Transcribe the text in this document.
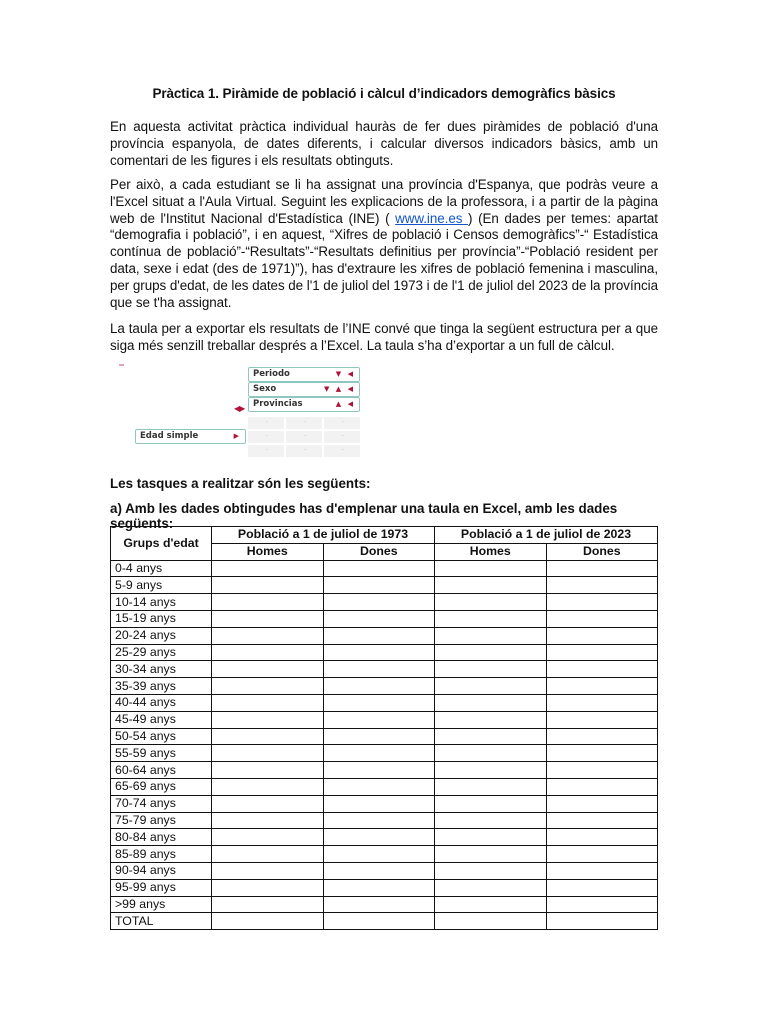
Pràctica 1. Piràmide de població i càlcul d’indicadors demogràfics bàsics

En aquesta activitat pràctica individual hauràs de fer dues piràmides de població d'una província espanyola, de dates diferents, i calcular diversos indicadors bàsics, amb un comentari de les figures i els resultats obtinguts.

Per això, a cada estudiant se li ha assignat una província d'Espanya, que podràs veure a l'Excel situat a l'Aula Virtual. Seguint les explicacions de la professora, i a partir de la pàgina web de l'Institut Nacional d'Estadística (INE) ( www.ine.es ) (En dades per temes: apartat “demografia i població”, i en aquest, “Xifres de població i Censos demogràfics”-“ Estadística contínua de població”-“Resultats”-“Resultats definitius per província”-“Població resident per data, sexe i edat (des de 1971)”), has d'extraure les xifres de població femenina i masculina, per grups d'edat, de les dates de l'1 de juliol del 1973 i de l'1 de juliol del 2023 de la província que se t'ha assignat.

La taula per a exportar els resultats de l’INE convé que tinga la següent estructura per a que siga més senzill treballar després a l’Excel. La taula s’ha d’exportar a un full de càlcul.

Periodo	▼ ◀
Sexo	▼ ▲ ◀
Provincias	▲ ◀
◀▶
Edad simple	▶
.
.
.
.
.
.
.
.
.
Les tasques a realitzar són les següents:
a) Amb les dades obtingudes has d'emplenar una taula en Excel, amb les dades següents:
Grups d'edat	Població a 1 de juliol de 1973		Població a 1 de juliol de 2023	
	Homes	Dones	Homes	Dones
0-4 anys				
5-9 anys				
10-14 anys				
15-19 anys				
20-24 anys				
25-29 anys				
30-34 anys				
35-39 anys				
40-44 anys				
45-49 anys				
50-54 anys				
55-59 anys				
60-64 anys				
65-69 anys				
70-74 anys				
75-79 anys				
80-84 anys				
85-89 anys				
90-94 anys				
95-99 anys				
>99 anys				
TOTAL				
